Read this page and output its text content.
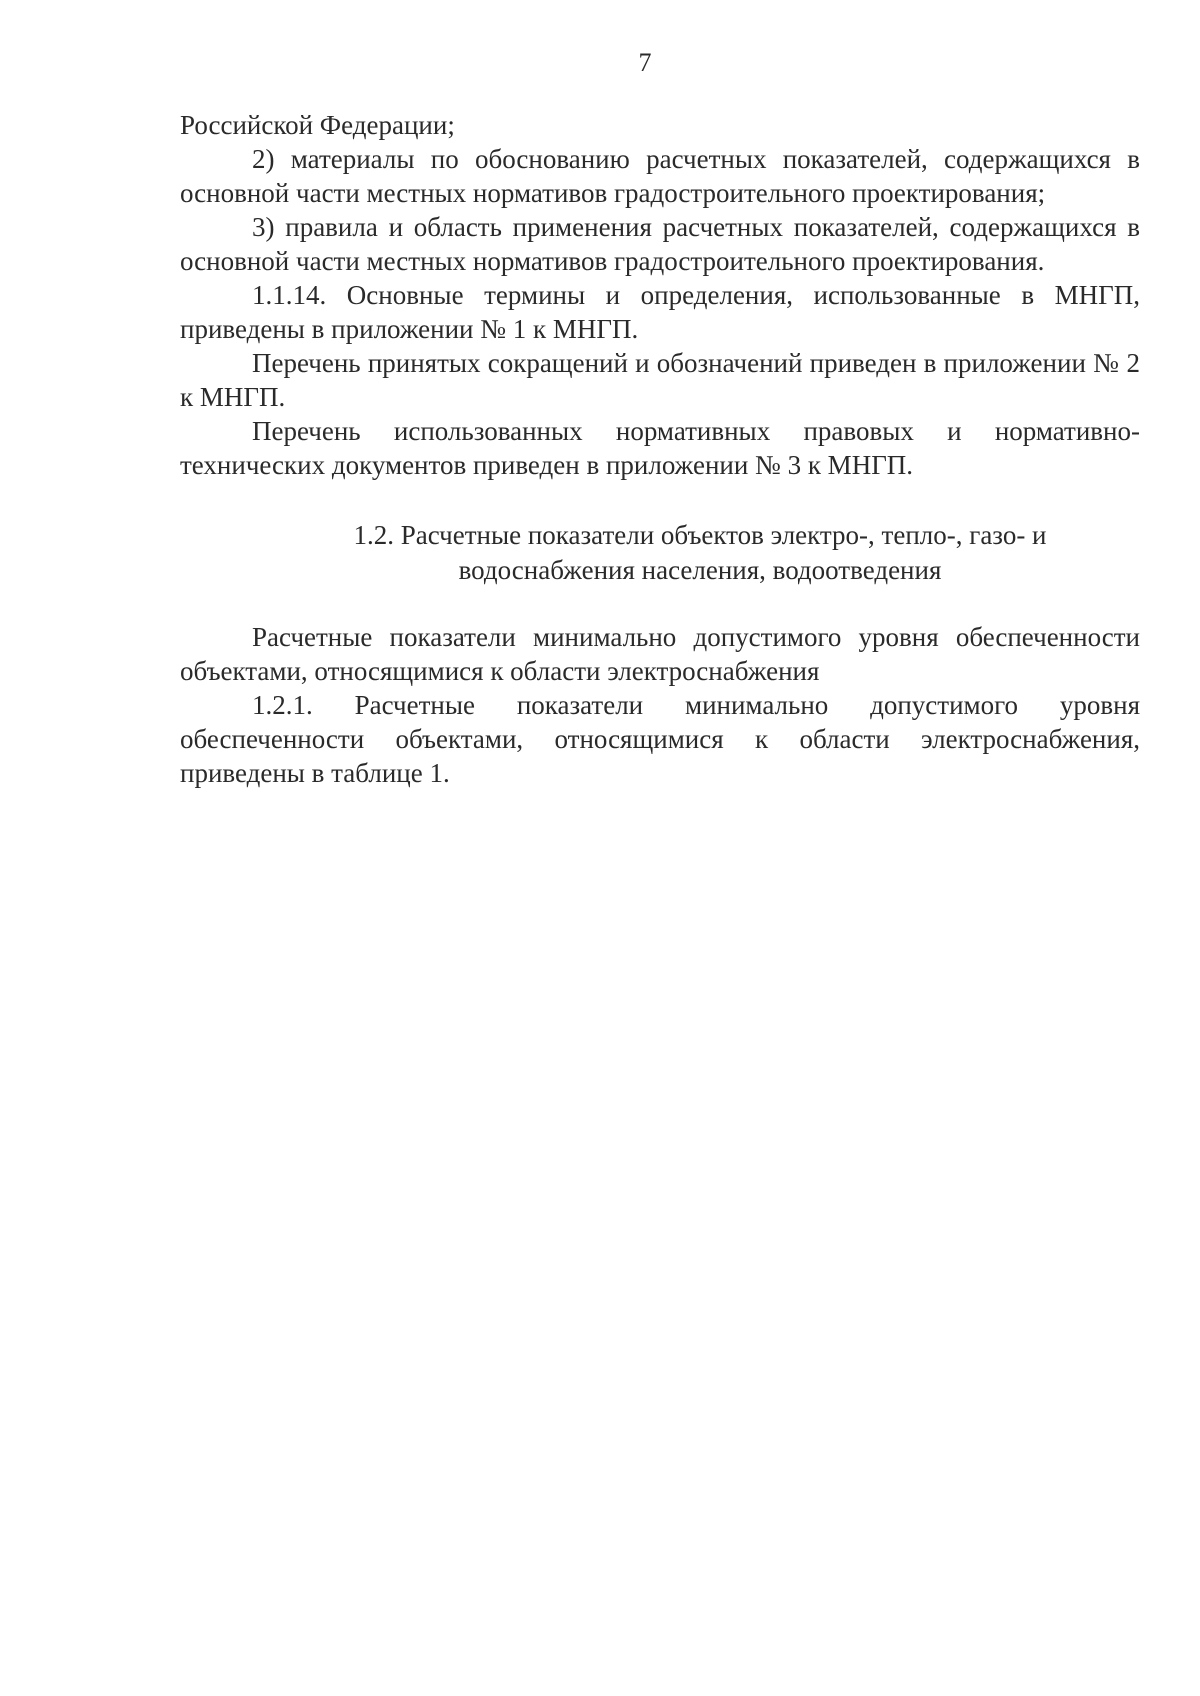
7

Российской Федерации;

2) материалы по обоснованию расчетных показателей, содержащихся в основной части местных нормативов градостроительного проектирования;

3) правила и область применения расчетных показателей, содержащихся в основной части местных нормативов градостроительного проектирования.

1.1.14. Основные термины и определения, использованные в МНГП, приведены в приложении № 1 к МНГП.

Перечень принятых сокращений и обозначений приведен в приложении № 2 к МНГП.

Перечень использованных нормативных правовых и нормативно-технических документов приведен в приложении № 3 к МНГП.

1.2. Расчетные показатели объектов электро-, тепло-, газо- и
водоснабжения населения, водоотведения

Расчетные показатели минимально допустимого уровня обеспеченности объектами, относящимися к области электроснабжения

1.2.1. Расчетные показатели минимально допустимого уровня обеспеченности объектами, относящимися к области электроснабжения, приведены в таблице 1.
